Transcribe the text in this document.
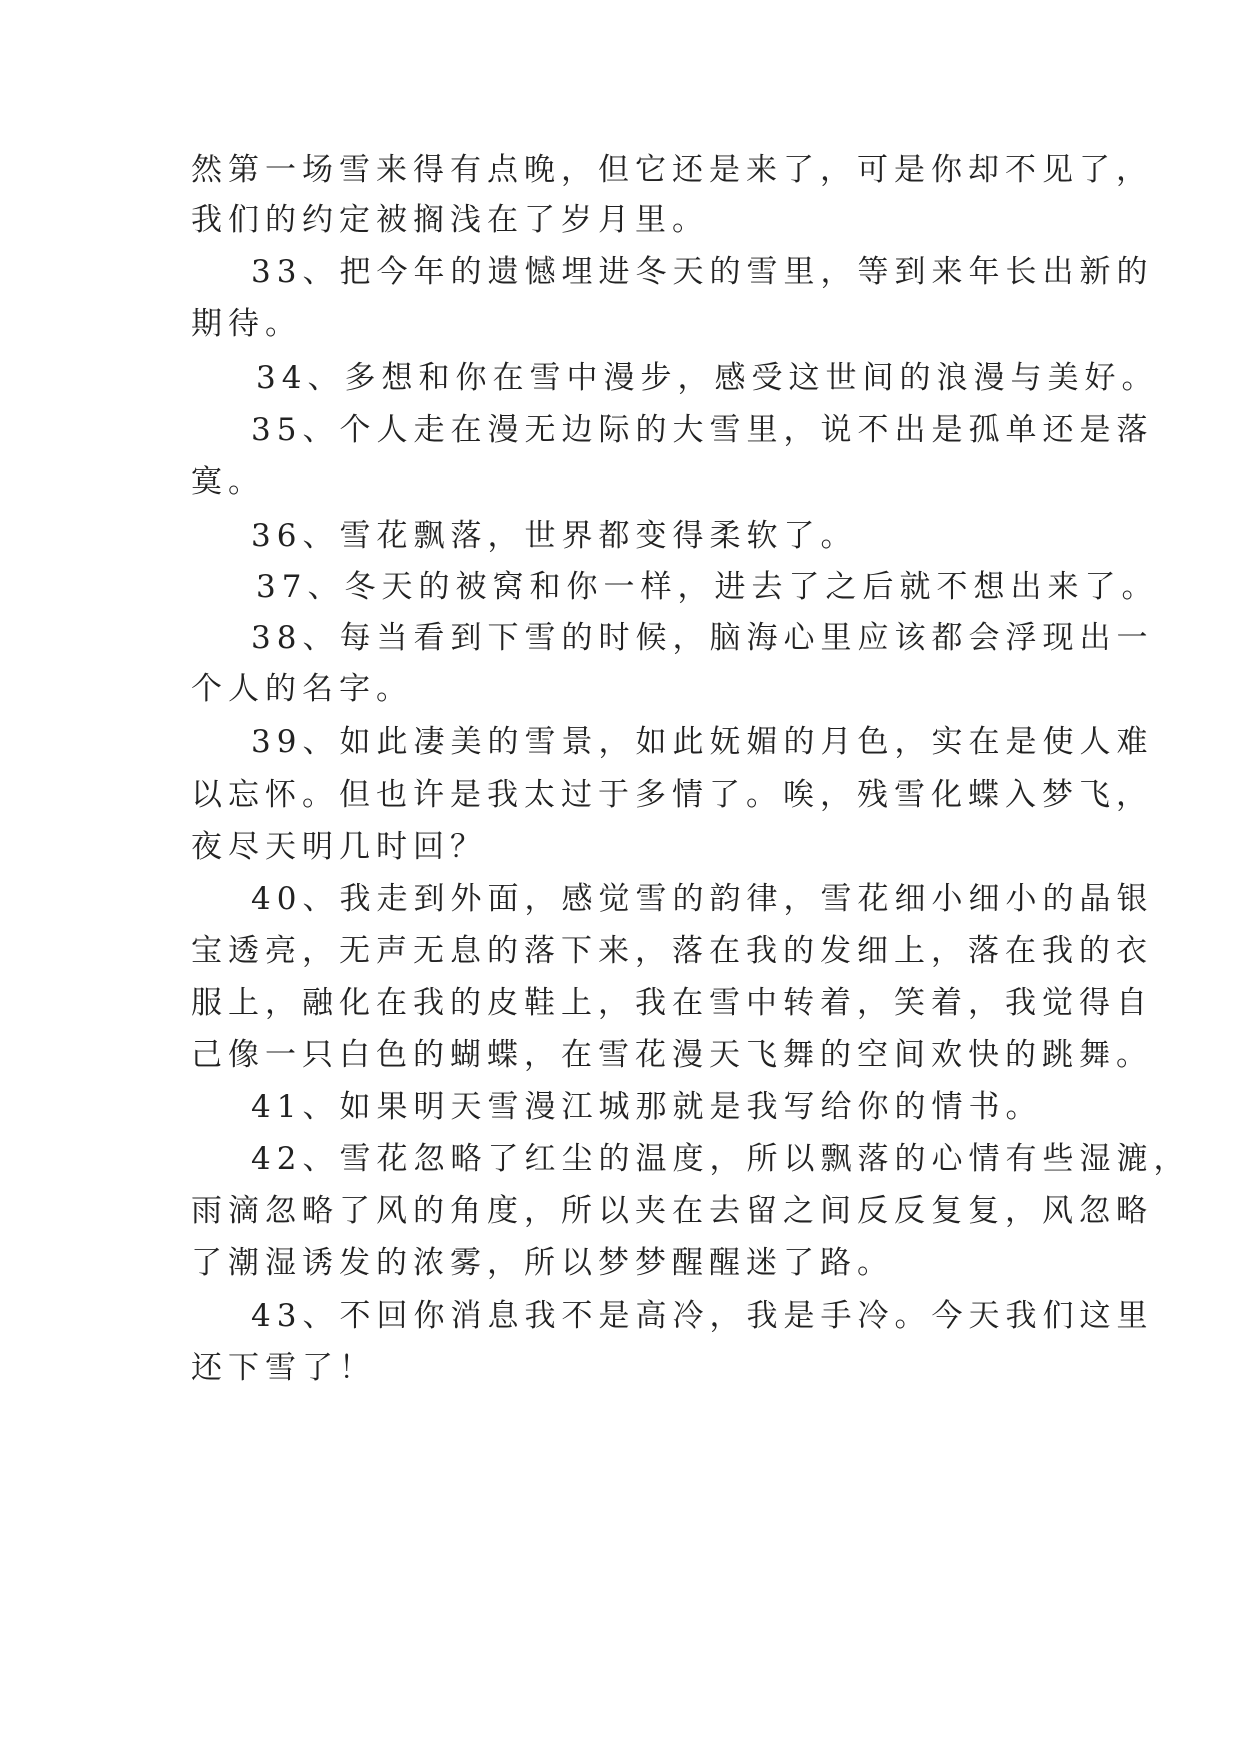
然第一场雪来得有点晚，但它还是来了，可是你却不见了，
我们的约定被搁浅在了岁月里。
33、把今年的遗憾埋进冬天的雪里，等到来年长出新的
期待。
34、多想和你在雪中漫步，感受这世间的浪漫与美好。
35、个人走在漫无边际的大雪里，说不出是孤单还是落
寞。
36、雪花飘落，世界都变得柔软了。
37、冬天的被窝和你一样，进去了之后就不想出来了。
38、每当看到下雪的时候，脑海心里应该都会浮现出一
个人的名字。
39、如此凄美的雪景，如此妩媚的月色，实在是使人难
以忘怀。但也许是我太过于多情了。唉，残雪化蝶入梦飞，
夜尽天明几时回？
40、我走到外面，感觉雪的韵律，雪花细小细小的晶银
宝透亮，无声无息的落下来，落在我的发细上，落在我的衣
服上，融化在我的皮鞋上，我在雪中转着，笑着，我觉得自
己像一只白色的蝴蝶，在雪花漫天飞舞的空间欢快的跳舞。
41、如果明天雪漫江城那就是我写给你的情书。
42、雪花忽略了红尘的温度，所以飘落的心情有些湿漉，
雨滴忽略了风的角度，所以夹在去留之间反反复复，风忽略
了潮湿诱发的浓雾，所以梦梦醒醒迷了路。
43、不回你消息我不是高冷，我是手冷。今天我们这里
还下雪了！
